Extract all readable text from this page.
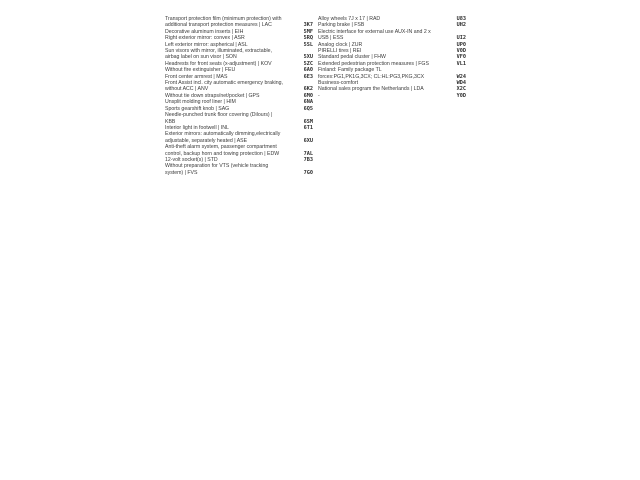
Transport protection film (minimum protection) with additional transport protection measures | LAC	3K7
Decorative aluminum inserts | EIH	5MF
Right exterior mirror: convex | ASR	5RQ
Left exterior mirror: aspherical | ASL	5SL
Sun visors with mirror, illuminated, extractable, airbag label on sun visor | SON	5XU
Headrests for front seats (x-adjustment) | KOV	5ZC
Without fire extinguisher | FEU	6A0
Front center armrest | MAS	6E3
Front Assist incl. city automatic emergency braking, without ACC | ANV	6K2
Without tie down straps/net/pocket | GPS	6M0
Unsplit molding roof liner | HIM	6NA
Sports gearshift knob | SAG	6Q5
Needle-punched trunk floor covering (Dilours) | KBB	6SM
Interior light in footwell | INL	6T1
Exterior mirrors: automatically dimming,electrically adjustable, separately heated | ASE	6XU
Anti-theft alarm system, passenger compartment control, backup horn and towing protection | EDW	7AL
12-volt socket(s) | STD	7B3
Without preparation for VTS (vehicle tracking system) | FVS	7G0
Alloy wheels 7J x 17 | RAD	U83
Parking brake | FSB	UH2
Electric interface for external use AUX-IN and 2 x USB | ESS	UI2
Analog clock | ZUR	UP0
PIRELLI tires | REI	V0D
Standard pedal cluster | FHW	VF0
Extended pedestrian protection measures | FGS	VL1
Finland: Family package TL forces:PG1,PK1G,3CX; CL:HL:PG3,PKG,3CX	W24
Business-comfort	WD4
National sales program the Netherlands | LDA	X2C
-	Y0D
